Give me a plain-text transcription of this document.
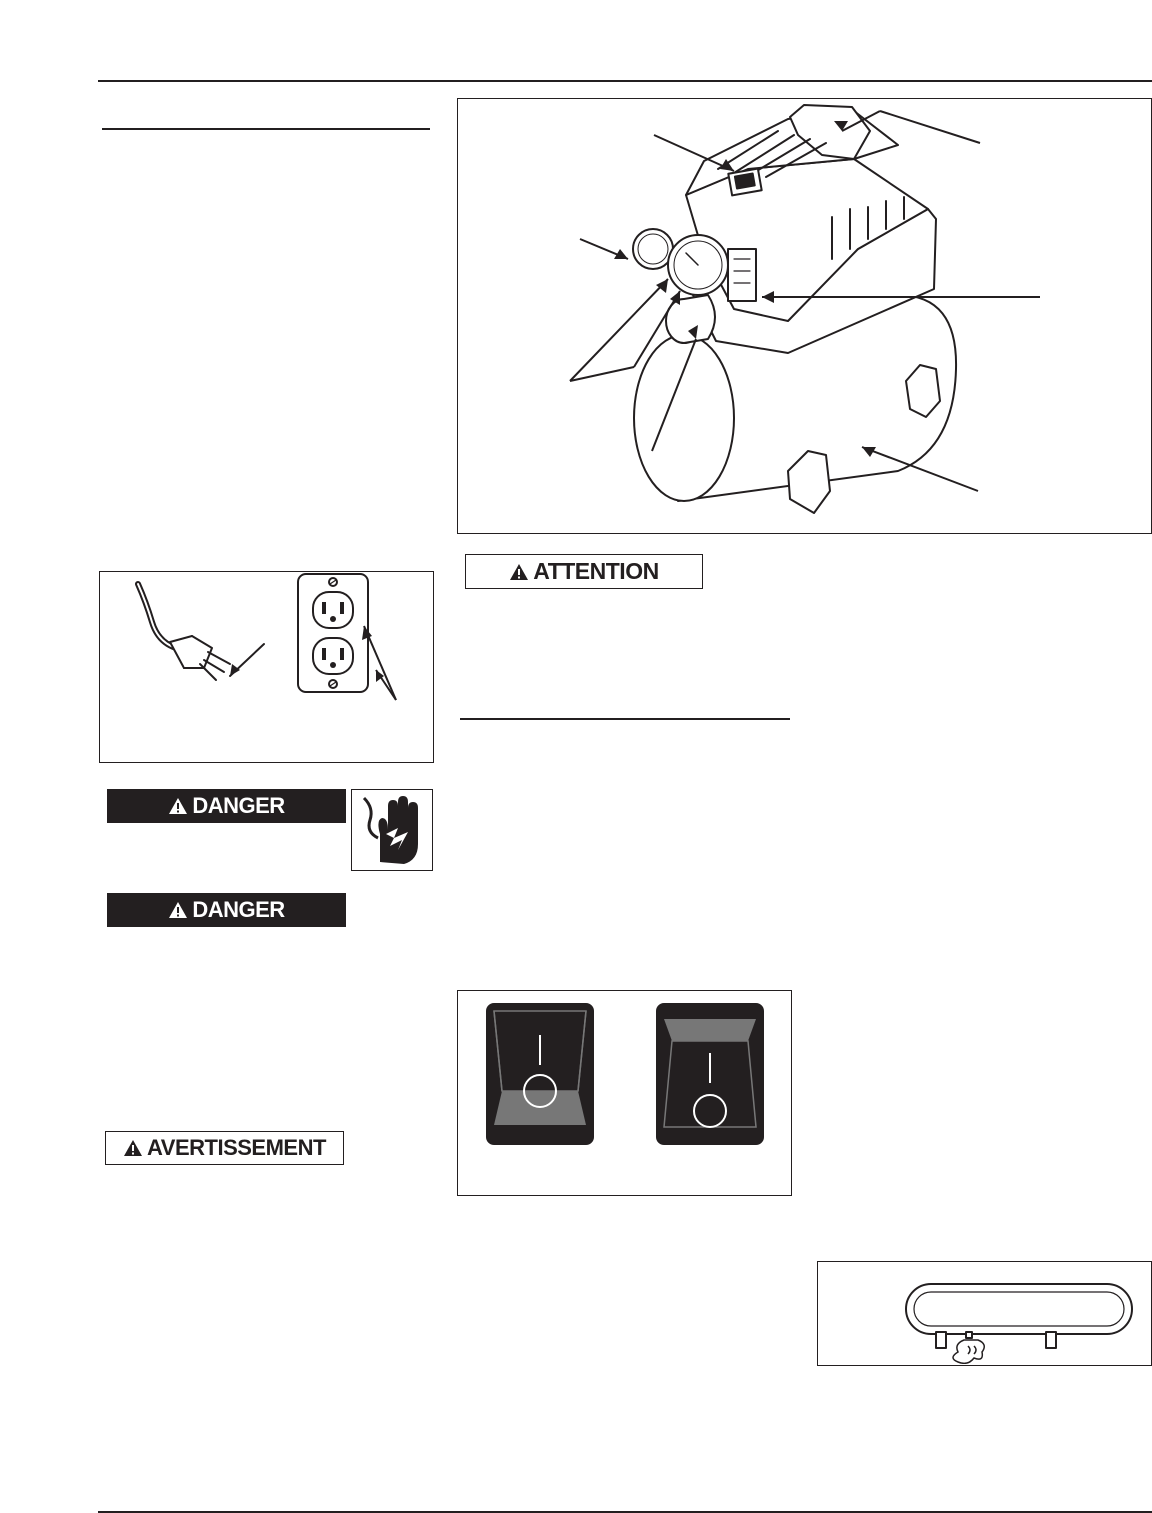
ATTENTION
DANGER
DANGER
AVERTISSEMENT
